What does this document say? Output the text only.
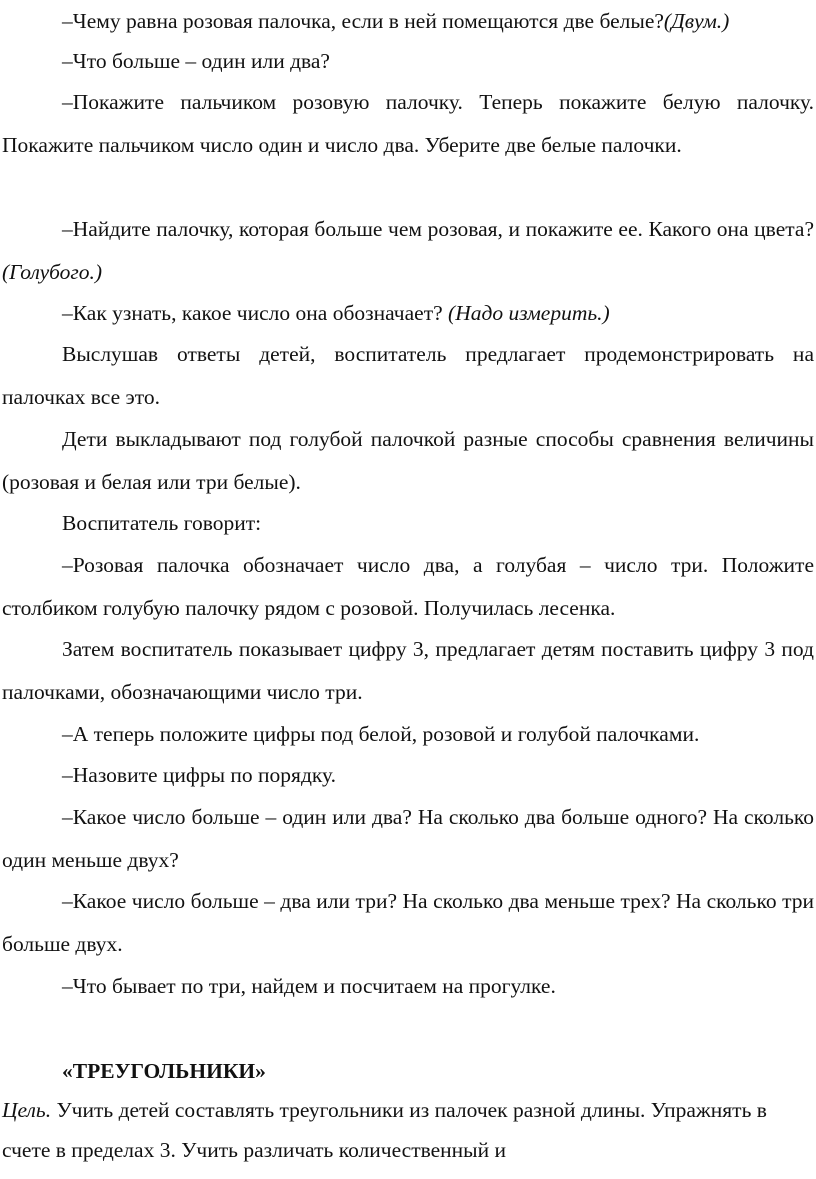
–Чему равна розовая палочка, если в ней помещаются две белые?(Двум.)

–Что больше – один или два?

–Покажите пальчиком розовую палочку. Теперь покажите белую палочку. Покажите пальчиком число один и число два. Уберите две белые палочки.

–Найдите палочку, которая больше чем розовая, и покажите ее. Какого она цвета? (Голубого.)

–Как узнать, какое число она обозначает? (Надо измерить.)

Выслушав ответы детей, воспитатель предлагает продемонстрировать на палочках все это.

Дети выкладывают под голубой палочкой разные способы сравнения величины (розовая и белая или три белые).

Воспитатель говорит:

–Розовая палочка обозначает число два, а голубая – число три. Положите столбиком голубую палочку рядом с розовой. Получилась лесенка.

Затем воспитатель показывает цифру 3, предлагает детям поставить цифру 3 под палочками, обозначающими число три.

–А теперь положите цифры под белой, розовой и голубой палочками.

–Назовите цифры по порядку.

–Какое число больше – один или два? На сколько два больше одного? На сколько один меньше двух?

–Какое число больше – два или три? На сколько два меньше трех? На сколько три больше двух.

–Что бывает по три, найдем и посчитаем на прогулке.

«ТРЕУГОЛЬНИКИ»

Цель. Учить детей составлять треугольники из палочек разной длины. Упражнять в счете в пределах 3. Учить различать количественный и
